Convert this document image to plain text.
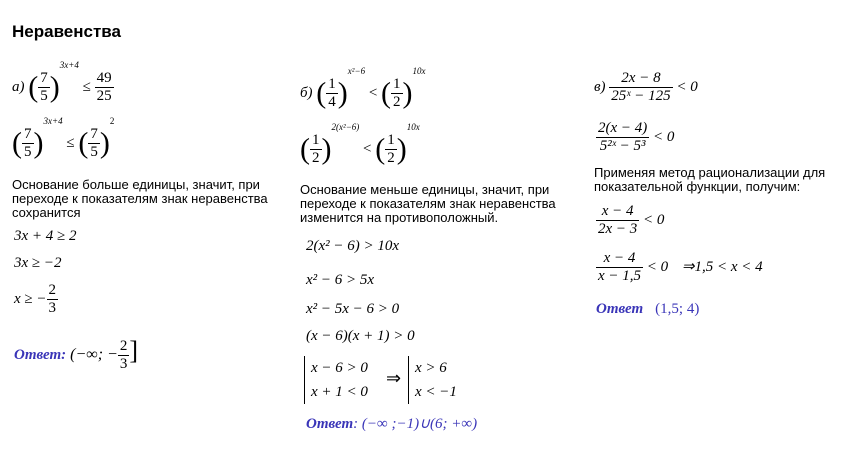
Неравенства
а) ( $\frac{7}{5} )^{3x+4} \le \frac{49}{25}$
( $\frac{7}{5} )^{3x+4}$ ≤ ( $\frac{7}{5} )^2$
Основание больше единицы, значит, при переходе к показателям знак неравенства сохранится
3x + 4 ≥ 2
3x ≥ −2
x ≥ − $\frac{2}{3}$
Ответ: (−∞; − $\frac{2}{3}$ ]
б) ( $\frac{1}{4} )^{x^2-6}$ < ( $\frac{1}{2} )^{10x}$
( $\frac{1}{2} )^{2(x^2-6)}$ < ( $\frac{1}{2} )^{10x}$
Основание меньше единицы, значит, при переходе к показателям знак неравенства изменится на противоположный.
2(x² − 6) > 10x
x² − 6 > 5x
x² − 5x − 6 > 0
(x − 6)(x + 1) > 0
x − 6 > 0
x + 1 < 0
⇒ x > 6
x < −1
Ответ: (−∞ ;−1)∪(6; +∞)
$в) \frac{2x - 8}{\text{25ˣ − 125}} < 0$
$\frac{2(x - 4)}{\text{5²ˣ − 5³}} < 0$
Применяя метод рационализации для показательной функции, получим:
$\frac{x - 4}{2x - 3} < 0$
$\frac{x - 4}{x - 1,5} < 0$ ⇒1,5 < x < 4
Ответ (1,5; 4)
